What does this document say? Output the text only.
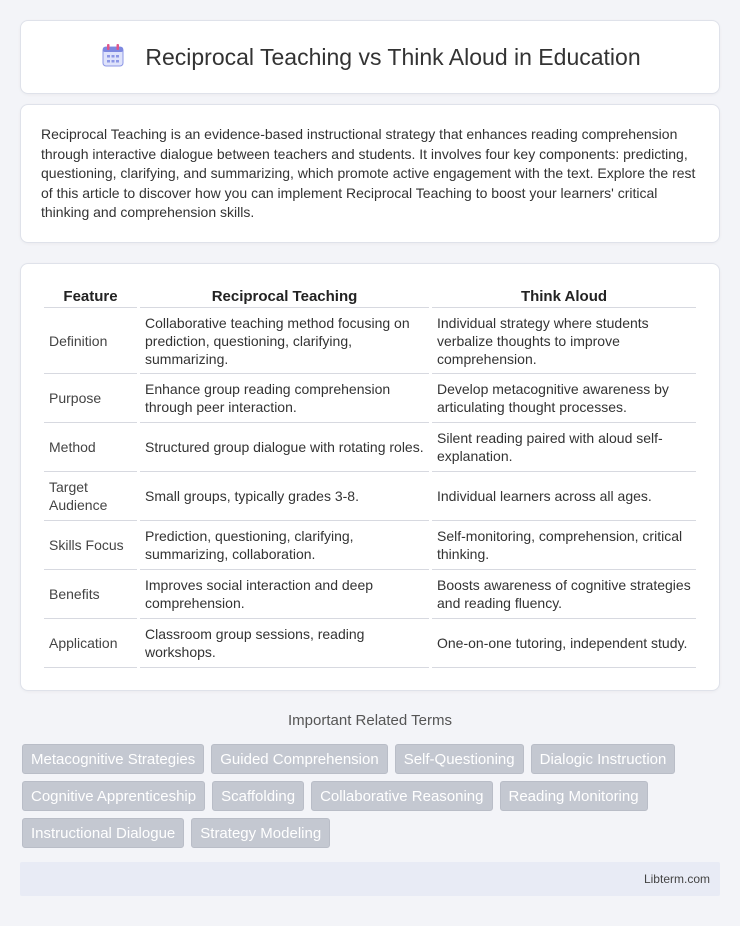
Reciprocal Teaching vs Think Aloud in Education

Reciprocal Teaching is an evidence-based instructional strategy that enhances reading comprehension through interactive dialogue between teachers and students. It involves four key components: predicting, questioning, clarifying, and summarizing, which promote active engagement with the text. Explore the rest of this article to discover how you can implement Reciprocal Teaching to boost your learners' critical thinking and comprehension skills.

Feature	Reciprocal Teaching	Think Aloud
Definition	Collaborative teaching method focusing on prediction, questioning, clarifying, summarizing.	Individual strategy where students verbalize thoughts to improve comprehension.
Purpose	Enhance group reading comprehension through peer interaction.	Develop metacognitive awareness by articulating thought processes.
Method	Structured group dialogue with rotating roles.	Silent reading paired with aloud self-explanation.
Target Audience	Small groups, typically grades 3-8.	Individual learners across all ages.
Skills Focus	Prediction, questioning, clarifying, summarizing, collaboration.	Self-monitoring, comprehension, critical thinking.
Benefits	Improves social interaction and deep comprehension.	Boosts awareness of cognitive strategies and reading fluency.
Application	Classroom group sessions, reading workshops.	One-on-one tutoring, independent study.
Important Related Terms
Metacognitive Strategies	Guided Comprehension	Self-Questioning	Dialogic Instruction
Cognitive Apprenticeship	Scaffolding	Collaborative Reasoning	Reading Monitoring
Instructional Dialogue	Strategy Modeling
Libterm.com
